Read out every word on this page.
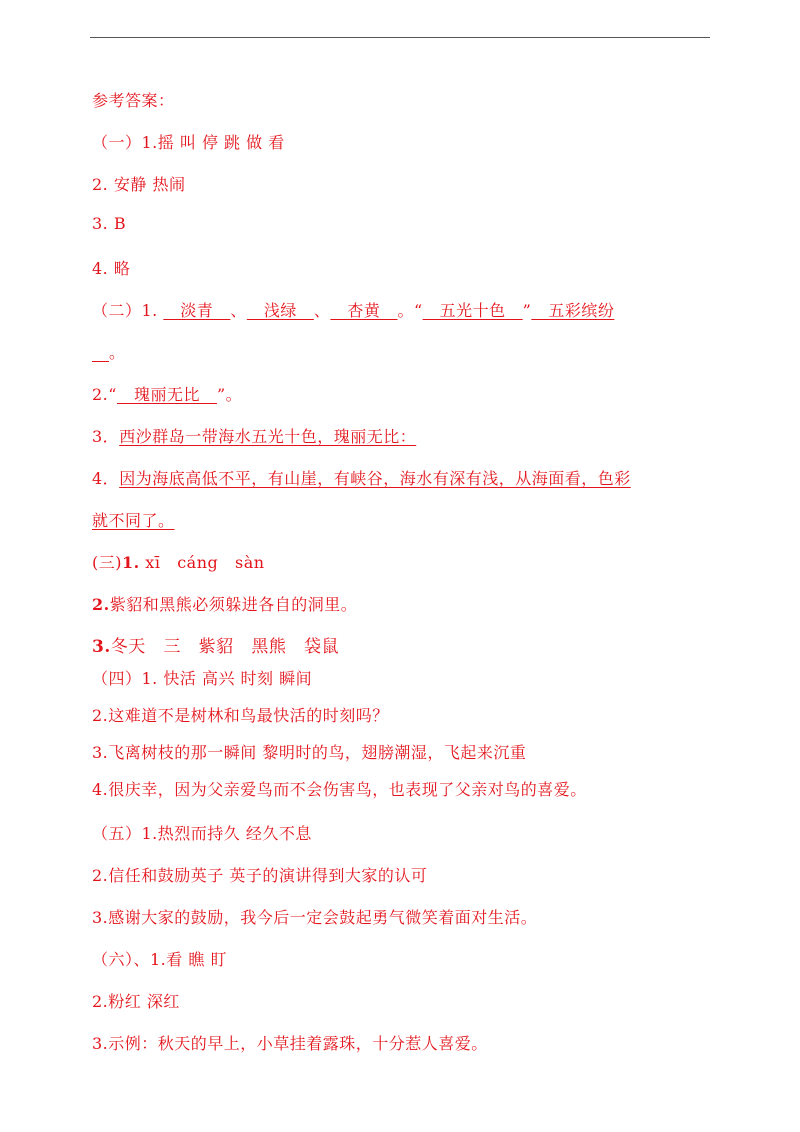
参考答案：
（一）1.摇 叫 停 跳 做 看
2. 安静 热闹
3. B
4. 略
（二）1. __淡青__、__浅绿__、__杏黄__。“__五光十色__”__五彩缤纷
__。
2.“__瑰丽无比__”。
3．西沙群岛一带海水五光十色，瑰丽无比：
4．因为海底高低不平，有山崖，有峡谷，海水有深有浅，从海面看，色彩
就不同了。
(三)1. xī   cáng   sàn
2.紫貂和黑熊必须躲进各自的洞里。
3.冬天   三   紫貂   黑熊   袋鼠
（四）1. 快活 高兴 时刻 瞬间
2.这难道不是树林和鸟最快活的时刻吗？
3.飞离树枝的那一瞬间 黎明时的鸟，翅膀潮湿，飞起来沉重
4.很庆幸，因为父亲爱鸟而不会伤害鸟，也表现了父亲对鸟的喜爱。
（五）1.热烈而持久 经久不息
2.信任和鼓励英子 英子的演讲得到大家的认可
3.感谢大家的鼓励，我今后一定会鼓起勇气微笑着面对生活。
（六）、1.看 瞧 盯
2.粉红 深红
3.示例：秋天的早上，小草挂着露珠，十分惹人喜爱。
